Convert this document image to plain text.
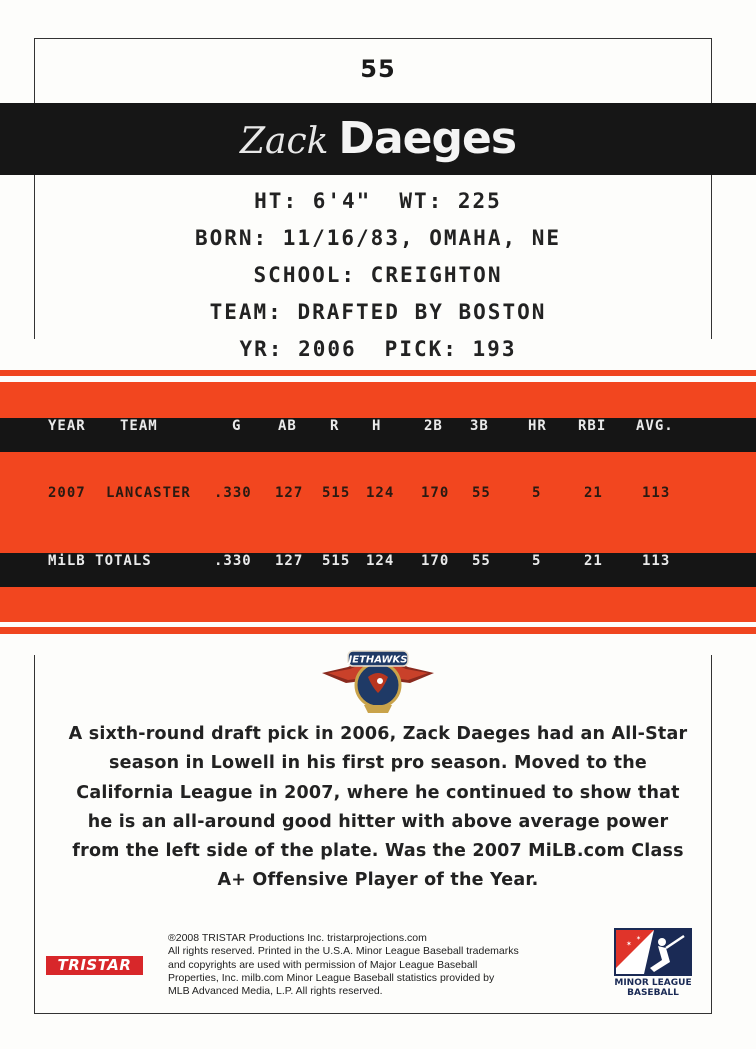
55
Zack Daeges
HT: 6'4" WT: 225
BORN: 11/16/83, OMAHA, NE
SCHOOL: CREIGHTON
TEAM: DRAFTED BY BOSTON
YR: 2006 PICK: 193
YEAR TEAM	G	AB R H	2B 3B	HR RBI AVG.
2007 LANCASTER .330 127 515 124 170 55	5	21	113
MiLB TOTALS	.330 127 515 124 170 55	5	21	113
JETHAWKS
A sixth-round draft pick in 2006, Zack Daeges had an All-Star
season in Lowell in his first pro season. Moved to the
California League in 2007, where he continued to show that
he is an all-around good hitter with above average power
from the left side of the plate. Was the 2007 MiLB.com Class
A+ Offensive Player of the Year.
TRISTAR
®2008 TRISTAR Productions Inc. tristarprojections.com
All rights reserved. Printed in the U.S.A. Minor League Baseball trademarks
and copyrights are used with permission of Major League Baseball
Properties, Inc. milb.com Minor League Baseball statistics provided by
MLB Advanced Media, L.P. All rights reserved.
✶
✶
MINOR LEAGUE
BASEBALL
